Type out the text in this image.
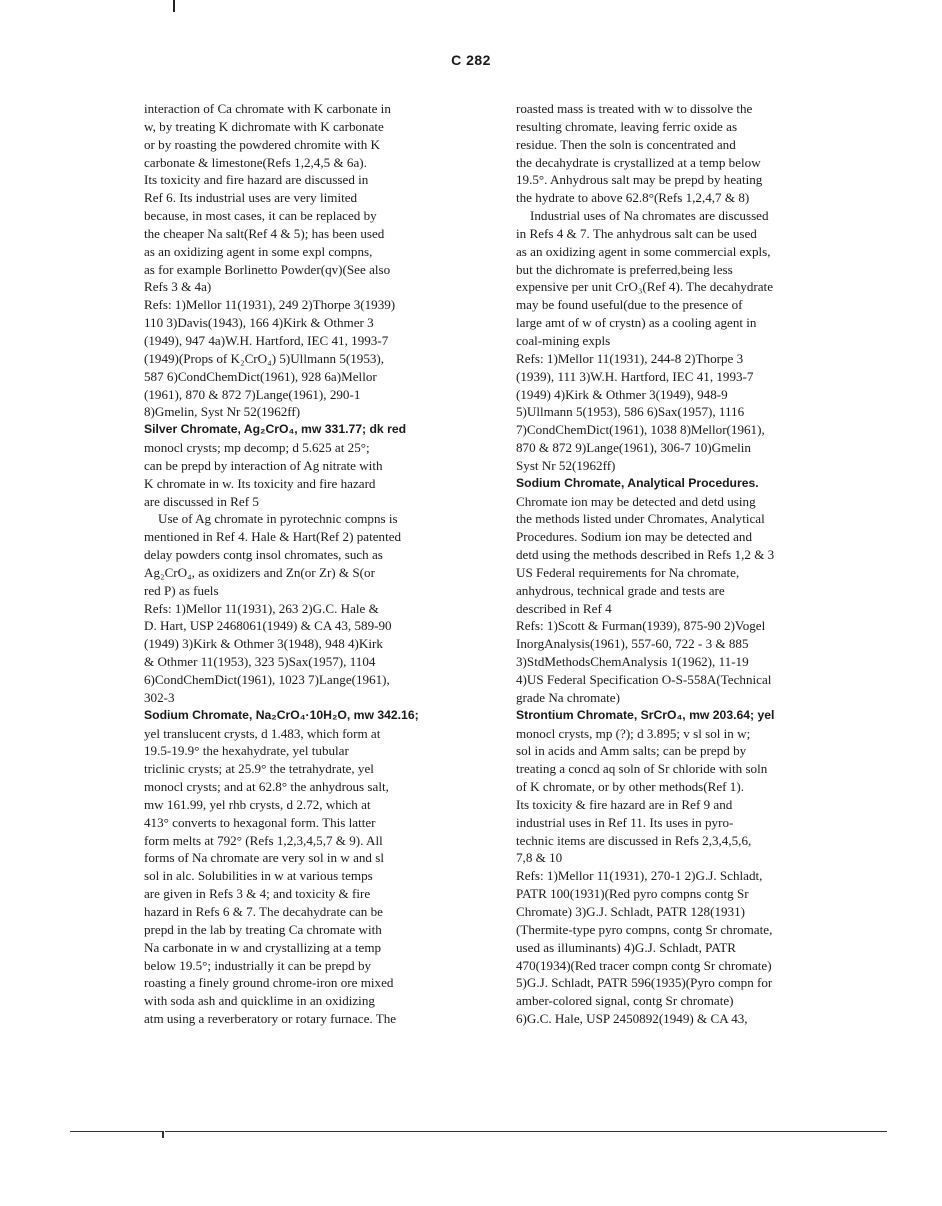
C 282
interaction of Ca chromate with K carbonate in
w, by treating K dichromate with K carbonate
or by roasting the powdered chromite with K
carbonate & limestone(Refs 1,2,4,5 & 6a).
Its toxicity and fire hazard are discussed in
Ref 6. Its industrial uses are very limited
because, in most cases, it can be replaced by
the cheaper Na salt(Ref 4 & 5); has been used
as an oxidizing agent in some expl compns,
as for example Borlinetto Powder(qv)(See also
Refs 3 & 4a)
Refs: 1)Mellor 11(1931), 249 2)Thorpe 3(1939)
110 3)Davis(1943), 166 4)Kirk & Othmer 3
(1949), 947 4a)W.H. Hartford, IEC 41, 1993-7
(1949)(Props of K₂CrO₄) 5)Ullmann 5(1953),
587 6)CondChemDict(1961), 928 6a)Mellor
(1961), 870 & 872 7)Lange(1961), 290-1
8)Gmelin, Syst Nr 52(1962ff)
Silver Chromate, Ag₂CrO₄, mw 331.77; dk red
monocl crysts; mp decomp; d 5.625 at 25°;
can be prepd by interaction of Ag nitrate with
K chromate in w. Its toxicity and fire hazard
are discussed in Ref 5
Use of Ag chromate in pyrotechnic compns is
mentioned in Ref 4. Hale & Hart(Ref 2) patented
delay powders contg insol chromates, such as
Ag₂CrO₄, as oxidizers and Zn(or Zr) & S(or
red P) as fuels
Refs: 1)Mellor 11(1931), 263 2)G.C. Hale &
D. Hart, USP 2468061(1949) & CA 43, 589-90
(1949) 3)Kirk & Othmer 3(1948), 948 4)Kirk
& Othmer 11(1953), 323 5)Sax(1957), 1104
6)CondChemDict(1961), 1023 7)Lange(1961),
302-3
Sodium Chromate, Na₂CrO₄·10H₂O, mw 342.16;
yel translucent crysts, d 1.483, which form at
19.5-19.9° the hexahydrate, yel tubular
triclinic crysts; at 25.9° the tetrahydrate, yel
monocl crysts; and at 62.8° the anhydrous salt,
mw 161.99, yel rhb crysts, d 2.72, which at
413° converts to hexagonal form. This latter
form melts at 792° (Refs 1,2,3,4,5,7 & 9). All
forms of Na chromate are very sol in w and sl
sol in alc. Solubilities in w at various temps
are given in Refs 3 & 4; and toxicity & fire
hazard in Refs 6 & 7. The decahydrate can be
prepd in the lab by treating Ca chromate with
Na carbonate in w and crystallizing at a temp
below 19.5°; industrially it can be prepd by
roasting a finely ground chrome-iron ore mixed
with soda ash and quicklime in an oxidizing
atm using a reverberatory or rotary furnace. The
roasted mass is treated with w to dissolve the
resulting chromate, leaving ferric oxide as
residue. Then the soln is concentrated and
the decahydrate is crystallized at a temp below
19.5°. Anhydrous salt may be prepd by heating
the hydrate to above 62.8°(Refs 1,2,4,7 & 8)
Industrial uses of Na chromates are discussed
in Refs 4 & 7. The anhydrous salt can be used
as an oxidizing agent in some commercial expls,
but the dichromate is preferred,being less
expensive per unit CrO₃(Ref 4). The decahydrate
may be found useful(due to the presence of
large amt of w of crystn) as a cooling agent in
coal-mining expls
Refs: 1)Mellor 11(1931), 244-8 2)Thorpe 3
(1939), 111 3)W.H. Hartford, IEC 41, 1993-7
(1949) 4)Kirk & Othmer 3(1949), 948-9
5)Ullmann 5(1953), 586 6)Sax(1957), 1116
7)CondChemDict(1961), 1038 8)Mellor(1961),
870 & 872 9)Lange(1961), 306-7 10)Gmelin
Syst Nr 52(1962ff)
Sodium Chromate, Analytical Procedures.
Chromate ion may be detected and detd using
the methods listed under Chromates, Analytical
Procedures. Sodium ion may be detected and
detd using the methods described in Refs 1,2 & 3
US Federal requirements for Na chromate,
anhydrous, technical grade and tests are
described in Ref 4
Refs: 1)Scott & Furman(1939), 875-90 2)Vogel
InorgAnalysis(1961), 557-60, 722 - 3 & 885
3)StdMethodsChemAnalysis 1(1962), 11-19
4)US Federal Specification O-S-558A(Technical
grade Na chromate)
Strontium Chromate, SrCrO₄, mw 203.64; yel
monocl crysts, mp (?); d 3.895; v sl sol in w;
sol in acids and Amm salts; can be prepd by
treating a concd aq soln of Sr chloride with soln
of K chromate, or by other methods(Ref 1).
Its toxicity & fire hazard are in Ref 9 and
industrial uses in Ref 11. Its uses in pyro-
technic items are discussed in Refs 2,3,4,5,6,
7,8 & 10
Refs: 1)Mellor 11(1931), 270-1 2)G.J. Schladt,
PATR 100(1931)(Red pyro compns contg Sr
Chromate) 3)G.J. Schladt, PATR 128(1931)
(Thermite-type pyro compns, contg Sr chromate,
used as illuminants) 4)G.J. Schladt, PATR
470(1934)(Red tracer compn contg Sr chromate)
5)G.J. Schladt, PATR 596(1935)(Pyro compn for
amber-colored signal, contg Sr chromate)
6)G.C. Hale, USP 2450892(1949) & CA 43,
